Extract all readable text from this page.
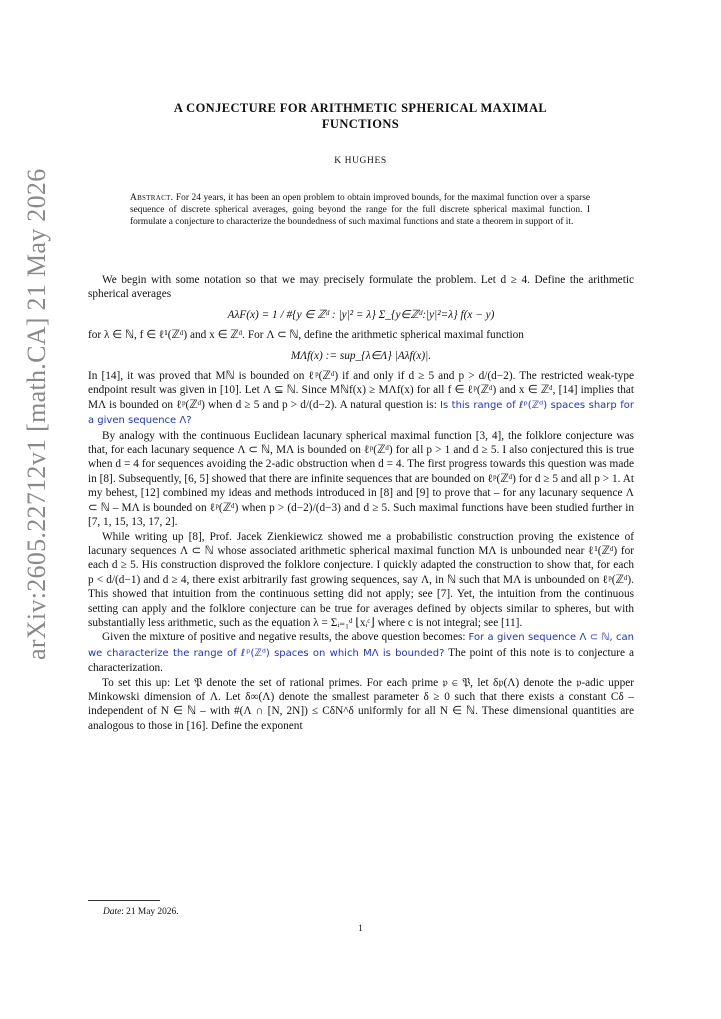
arXiv:2605.22712v1 [math.CA] 21 May 2026
A CONJECTURE FOR ARITHMETIC SPHERICAL MAXIMAL
FUNCTIONS
K HUGHES
Abstract. For 24 years, it has been an open problem to obtain improved bounds, for the maximal function over a sparse sequence of discrete spherical averages, going beyond the range for the full discrete spherical maximal function. I formulate a conjecture to characterize the boundedness of such maximal functions and state a theorem in support of it.

We begin with some notation so that we may precisely formulate the problem. Let d ≥ 4. Define the arithmetic spherical averages

AλF(x) = 1 / #{y ∈ ℤᵈ : |y|² = λ} Σ_{y∈ℤᵈ:|y|²=λ} f(x − y)

for λ ∈ ℕ, f ∈ ℓ¹(ℤᵈ) and x ∈ ℤᵈ. For Λ ⊂ ℕ, define the arithmetic spherical maximal function

MΛf(x) := sup_{λ∈Λ} |Aλf(x)|.

In [14], it was proved that Mℕ is bounded on ℓᵖ(ℤᵈ) if and only if d ≥ 5 and p > d/(d−2). The restricted weak-type endpoint result was given in [10]. Let Λ ⊆ ℕ. Since Mℕf(x) ≥ MΛf(x) for all f ∈ ℓᵖ(ℤᵈ) and x ∈ ℤᵈ, [14] implies that MΛ is bounded on ℓᵖ(ℤᵈ) when d ≥ 5 and p > d/(d−2). A natural question is: Is this range of ℓᵖ(ℤᵈ) spaces sharp for a given sequence Λ?

By analogy with the continuous Euclidean lacunary spherical maximal function [3, 4], the folklore conjecture was that, for each lacunary sequence Λ ⊂ ℕ, MΛ is bounded on ℓᵖ(ℤᵈ) for all p > 1 and d ≥ 5. I also conjectured this is true when d = 4 for sequences avoiding the 2-adic obstruction when d = 4. The first progress towards this question was made in [8]. Subsequently, [6, 5] showed that there are infinite sequences that are bounded on ℓᵖ(ℤᵈ) for d ≥ 5 and all p > 1. At my behest, [12] combined my ideas and methods introduced in [8] and [9] to prove that – for any lacunary sequence Λ ⊂ ℕ – MΛ is bounded on ℓᵖ(ℤᵈ) when p > (d−2)/(d−3) and d ≥ 5. Such maximal functions have been studied further in [7, 1, 15, 13, 17, 2].

While writing up [8], Prof. Jacek Zienkiewicz showed me a probabilistic construction proving the existence of lacunary sequences Λ ⊂ ℕ whose associated arithmetic spherical maximal function MΛ is unbounded near ℓ¹(ℤᵈ) for each d ≥ 5. His construction disproved the folklore conjecture. I quickly adapted the construction to show that, for each p < d/(d−1) and d ≥ 4, there exist arbitrarily fast growing sequences, say Λ, in ℕ such that MΛ is unbounded on ℓᵖ(ℤᵈ). This showed that intuition from the continuous setting did not apply; see [7]. Yet, the intuition from the continuous setting can apply and the folklore conjecture can be true for averages defined by objects similar to spheres, but with substantially less arithmetic, such as the equation λ = Σᵢ₌₁ᵈ ⌊xᵢᶜ⌋ where c is not integral; see [11].

Given the mixture of positive and negative results, the above question becomes: For a given sequence Λ ⊂ ℕ, can we characterize the range of ℓᵖ(ℤᵈ) spaces on which MΛ is bounded? The point of this note is to conjecture a characterization.

To set this up: Let 𝔓 denote the set of rational primes. For each prime 𝔭 ∈ 𝔓, let δ𝔭(Λ) denote the 𝔭-adic upper Minkowski dimension of Λ. Let δ∞(Λ) denote the smallest parameter δ ≥ 0 such that there exists a constant Cδ – independent of N ∈ ℕ – with #(Λ ∩ [N, 2N]) ≤ CδN^δ uniformly for all N ∈ ℕ. These dimensional quantities are analogous to those in [16]. Define the exponent

Date: 21 May 2026.
1
